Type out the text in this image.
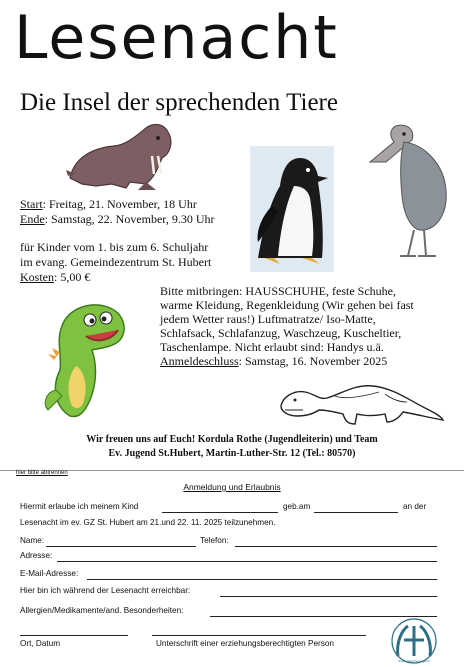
Lesenacht
Die Insel der sprechenden Tiere
Start: Freitag, 21. November, 18 Uhr
Ende: Samstag, 22. November, 9.30 Uhr
für Kinder vom 1. bis zum 6. Schuljahr
im evang. Gemeindezentrum St. Hubert
Kosten: 5,00 €
Bitte mitbringen: HAUSSCHUHE, feste Schuhe,
warme Kleidung, Regenkleidung (Wir gehen bei fast
jedem Wetter raus!) Luftmatratze/ Iso-Matte,
Schlafsack, Schlafanzug, Waschzeug, Kuscheltier,
Taschenlampe. Nicht erlaubt sind: Handys u.ä.
Anmeldeschluss: Samstag, 16. November 2025
Wir freuen uns auf Euch! Kordula Rothe (Jugendleiterin) und Team
Ev. Jugend St.Hubert, Martin-Luther-Str. 12 (Tel.: 80570)
hier bitte abtrennen
Anmeldung und Erlaubnis
Hiermit erlaube ich meinem Kind	geb.am	an der
Lesenacht im ev. GZ St. Hubert am 21.und 22. 11. 2025 teilzunehmen.
Name:	Telefon:
Adresse:
E-Mail-Adresse:
Hier bin ich während der Lesenacht erreichbar:
Allergien/Medikamente/and. Besonderheiten:
Ort, Datum	Unterschrift einer erziehungsberechtigten Person
Evangelische Jugend
